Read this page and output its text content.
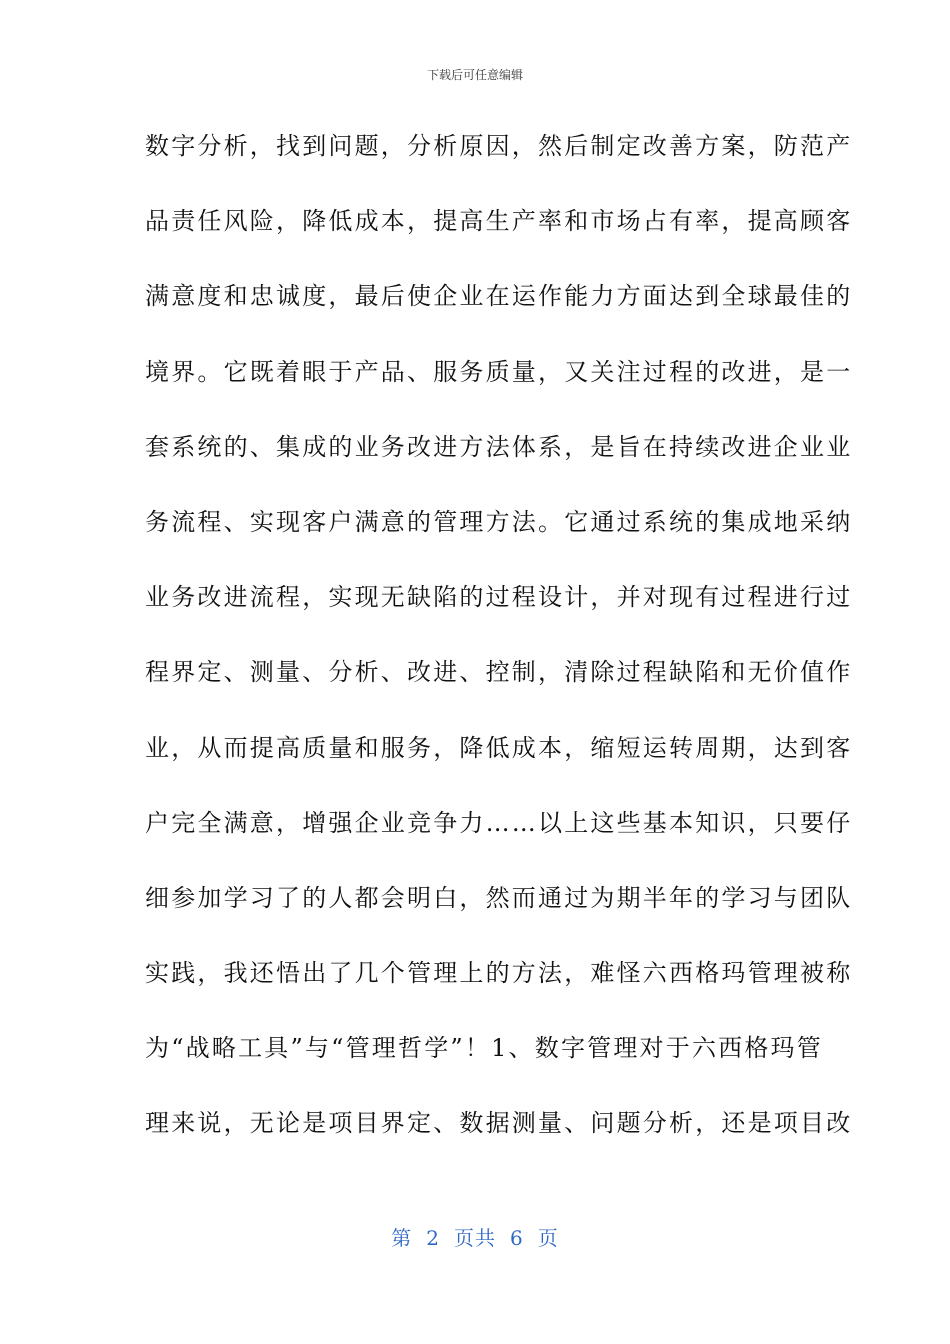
下载后可任意编辑
数字分析，找到问题，分析原因，然后制定改善方案，防范产
品责任风险，降低成本，提高生产率和市场占有率，提高顾客
满意度和忠诚度，最后使企业在运作能力方面达到全球最佳的
境界。它既着眼于产品、服务质量，又关注过程的改进，是一
套系统的、集成的业务改进方法体系，是旨在持续改进企业业
务流程、实现客户满意的管理方法。它通过系统的集成地采纳
业务改进流程，实现无缺陷的过程设计，并对现有过程进行过
程界定、测量、分析、改进、控制，清除过程缺陷和无价值作
业，从而提高质量和服务，降低成本，缩短运转周期，达到客
户完全满意，增强企业竞争力……以上这些基本知识，只要仔
细参加学习了的人都会明白，然而通过为期半年的学习与团队
实践，我还悟出了几个管理上的方法，难怪六西格玛管理被称
为“战略工具”与“管理哲学”！1、数字管理对于六西格玛管
理来说，无论是项目界定、数据测量、问题分析，还是项目改
第 2 页共 6 页
